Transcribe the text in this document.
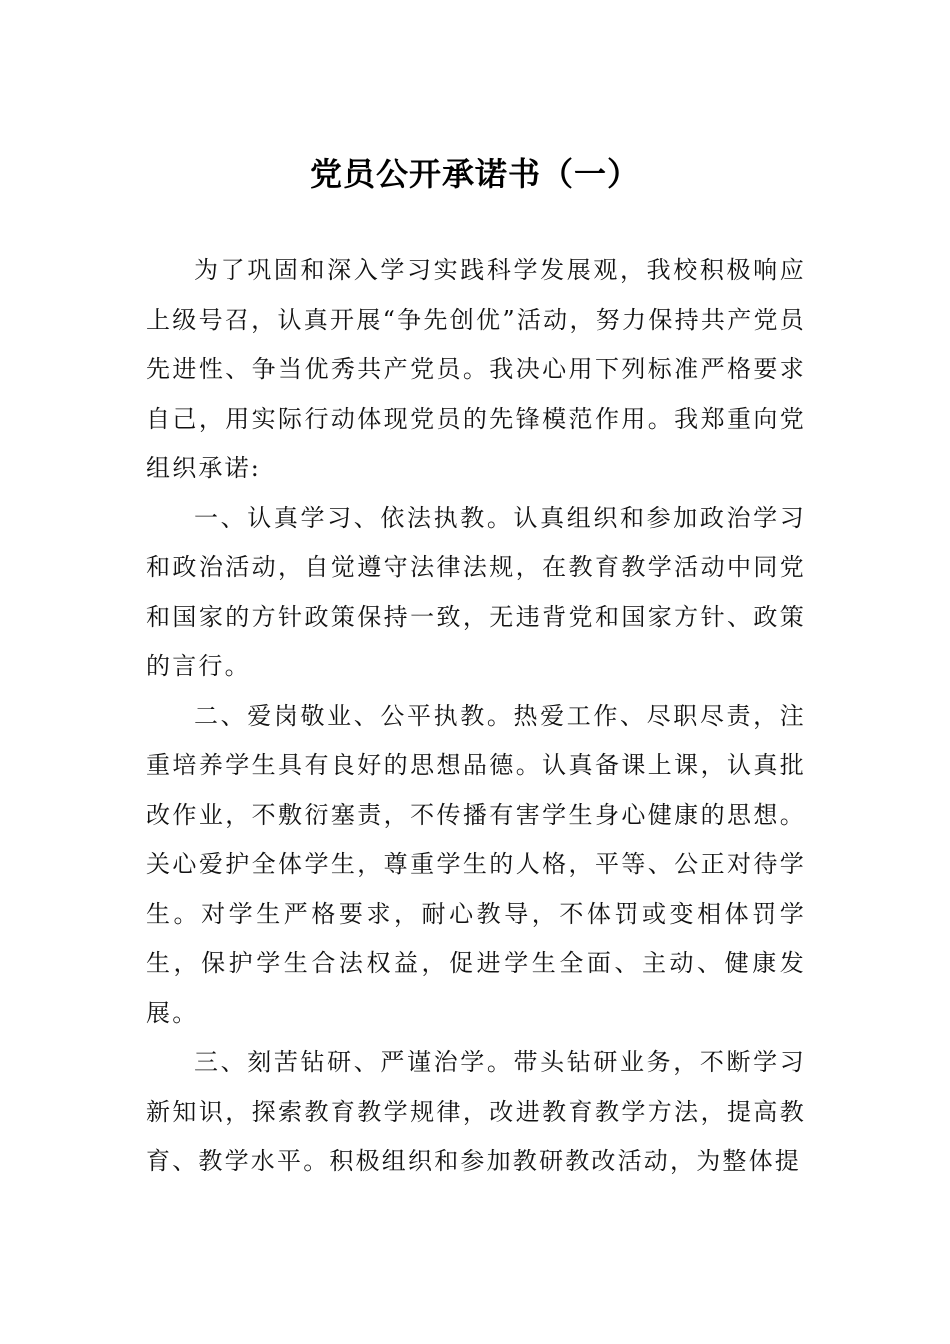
党员公开承诺书（一）

为了巩固和深入学习实践科学发展观，我校积极响应上级号召，认真开展“争先创优”活动，努力保持共产党员先进性、争当优秀共产党员。我决心用下列标准严格要求自己，用实际行动体现党员的先锋模范作用。我郑重向党组织承诺:

一、认真学习、依法执教。认真组织和参加政治学习和政治活动，自觉遵守法律法规，在教育教学活动中同党和国家的方针政策保持一致，无违背党和国家方针、政策的言行。

二、爱岗敬业、公平执教。热爱工作、尽职尽责，注重培养学生具有良好的思想品德。认真备课上课，认真批改作业，不敷衍塞责，不传播有害学生身心健康的思想。关心爱护全体学生，尊重学生的人格，平等、公正对待学生。对学生严格要求，耐心教导，不体罚或变相体罚学生，保护学生合法权益，促进学生全面、主动、健康发展。

三、刻苦钻研、严谨治学。带头钻研业务，不断学习新知识，探索教育教学规律，改进教育教学方法，提高教育、教学水平。积极组织和参加教研教改活动，为整体提
